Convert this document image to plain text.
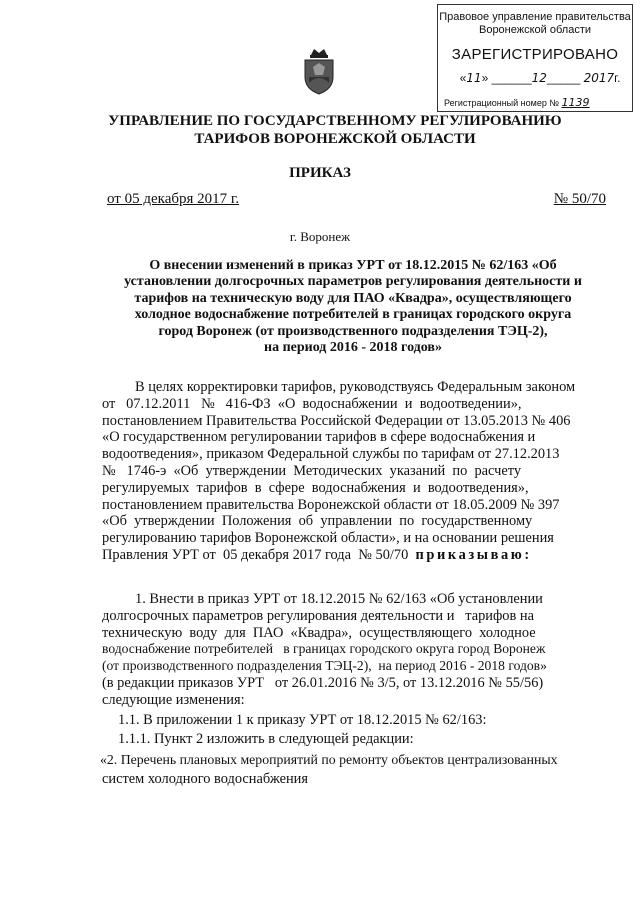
Правовое управление правительства
Воронежской области
ЗАРЕГИСТРИРОВАНО
«11» ______12_____ 2017г.
Регистрационный номер № 1139
УПРАВЛЕНИЕ ПО ГОСУДАРСТВЕННОМУ РЕГУЛИРОВАНИЮ
ТАРИФОВ ВОРОНЕЖСКОЙ ОБЛАСТИ
ПРИКАЗ
от 05 декабря 2017 г.	№ 50/70
г. Воронеж
О внесении изменений в приказ УРТ от 18.12.2015 № 62/163 «Об
установлении долгосрочных параметров регулирования деятельности и
тарифов на техническую воду для ПАО «Квадра», осуществляющего
холодное водоснабжение потребителей в границах городского округа
город Воронеж (от производственного подразделения ТЭЦ-2),
на период 2016 - 2018 годов»
В целях корректировки тарифов, руководствуясь Федеральным законом
от   07.12.2011   №   416-ФЗ  «О  водоснабжении  и  водоотведении»,
постановлением Правительства Российской Федерации от 13.05.2013 № 406
«О государственном регулировании тарифов в сфере водоснабжения и
водоотведения», приказом Федеральной службы по тарифам от 27.12.2013
№   1746-э  «Об  утверждении  Методических  указаний  по  расчету
регулируемых  тарифов  в  сфере  водоснабжения  и  водоотведения»,
постановлением правительства Воронежской области от 18.05.2009 № 397
«Об  утверждении  Положения  об  управлении  по  государственному
регулированию тарифов Воронежской области», и на основании решения
Правления УРТ от  05 декабря 2017 года  № 50/70 приказываю:
1. Внести в приказ УРТ от 18.12.2015 № 62/163 «Об установлении
долгосрочных параметров регулирования деятельности и   тарифов на
техническую  воду  для  ПАО  «Квадра»,  осуществляющего  холодное
водоснабжение потребителей   в границах городского округа город Воронеж
(от производственного подразделения ТЭЦ-2),  на период 2016 - 2018 годов»
(в редакции приказов УРТ   от 26.01.2016 № 3/5, от 13.12.2016 № 55/56)
следующие изменения:
1.1. В приложении 1 к приказу УРТ от 18.12.2015 № 62/163:
1.1.1. Пункт 2 изложить в следующей редакции:
«2. Перечень плановых мероприятий по ремонту объектов централизованных
систем холодного водоснабжения
